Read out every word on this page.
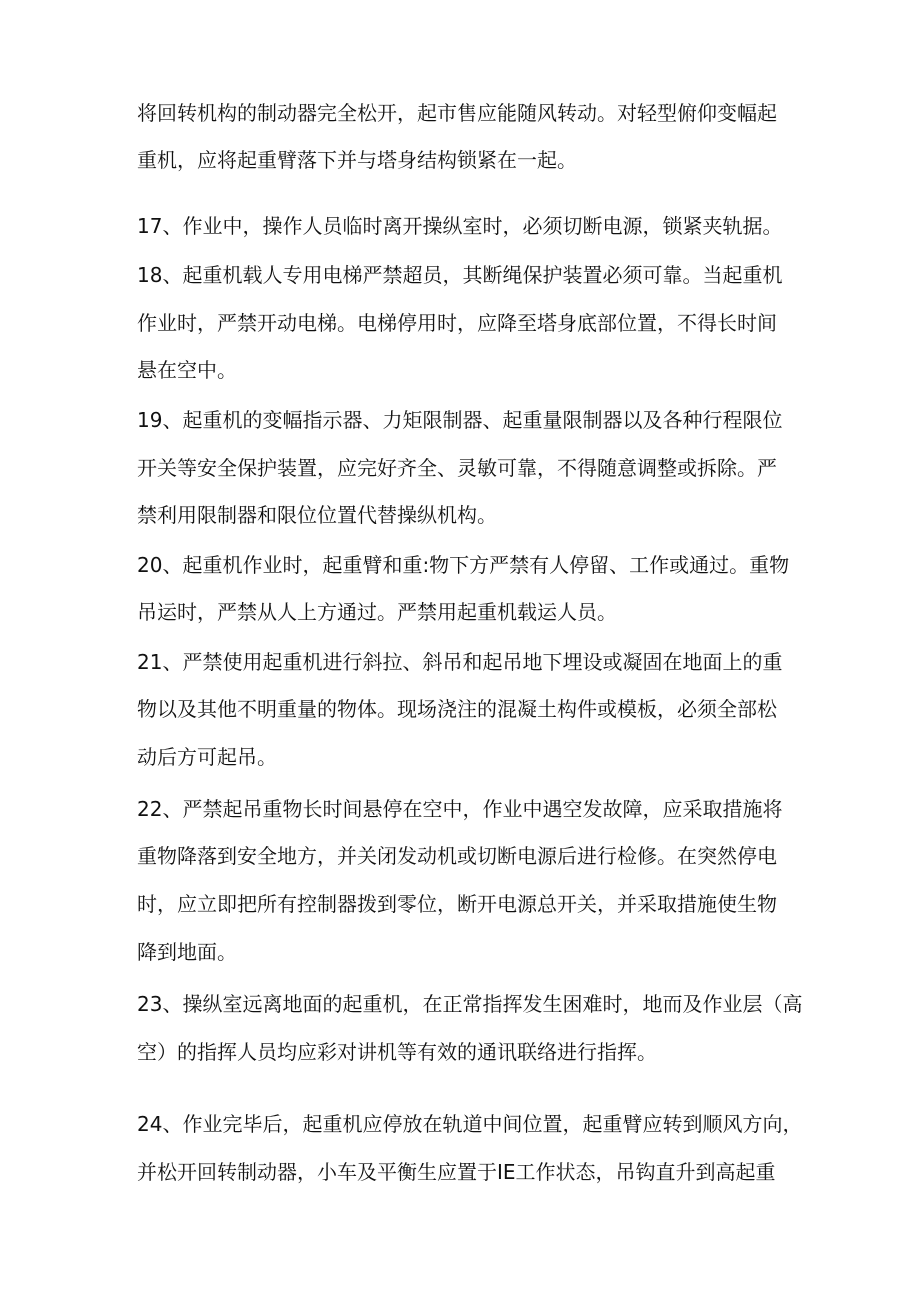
将回转机构的制动器完全松开，起市售应能随风转动。对轻型俯仰变幅起
重机，应将起重臂落下并与塔身结构锁紧在一起。
17、作业中，操作人员临时离开操纵室时，必须切断电源，锁紧夹轨据。
18、起重机载人专用电梯严禁超员，其断绳保护装置必须可靠。当起重机
作业时，严禁开动电梯。电梯停用时，应降至塔身底部位置，不得长时间
悬在空中。
19、起重机的变幅指示器、力矩限制器、起重量限制器以及各种行程限位
开关等安全保护装置，应完好齐全、灵敏可靠，不得随意调整或拆除。严
禁利用限制器和限位位置代替操纵机构。
20、起重机作业时，起重臂和重:物下方严禁有人停留、工作或通过。重物
吊运时，严禁从人上方通过。严禁用起重机载运人员。
21、严禁使用起重机进行斜拉、斜吊和起吊地下埋设或凝固在地面上的重
物以及其他不明重量的物体。现场浇注的混凝土构件或模板，必须全部松
动后方可起吊。
22、严禁起吊重物长时间悬停在空中，作业中遇空发故障，应采取措施将
重物降落到安全地方，并关闭发动机或切断电源后进行检修。在突然停电
时，应立即把所有控制器拨到零位，断开电源总开关，并采取措施使生物
降到地面。
23、操纵室远离地面的起重机，在正常指挥发生困难时，地而及作业层（高
空）的指挥人员均应彩对讲机等有效的通讯联络进行指挥。
24、作业完毕后，起重机应停放在轨道中间位置，起重臂应转到顺风方向，
并松开回转制动器，小车及平衡生应置于IE工作状态，吊钩直升到高起重
